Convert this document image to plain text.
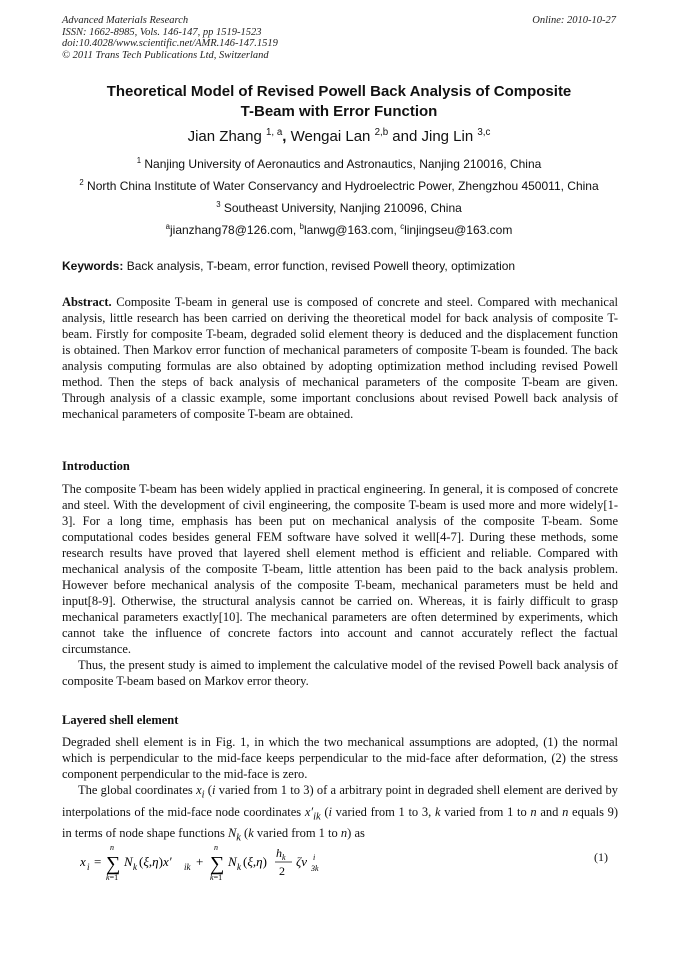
Advanced Materials Research
ISSN: 1662-8985, Vols. 146-147, pp 1519-1523
doi:10.4028/www.scientific.net/AMR.146-147.1519
© 2011 Trans Tech Publications Ltd, Switzerland
Online: 2010-10-27
Theoretical Model of Revised Powell Back Analysis of Composite
T-Beam with Error Function
Jian Zhang $^{1, a}$, Wengai Lan $^{2,b}$ and Jing Lin $^{3,c}$
$^1$ Nanjing University of Aeronautics and Astronautics, Nanjing 210016, China
$^2$ North China Institute of Water Conservancy and Hydroelectric Power, Zhengzhou 450011, China
$^3$ Southeast University, Nanjing 210096, China
$^a$jianzhang78@126.com, $^b$lanwg@163.com, $^c$linjingseu@163.com
Keywords: Back analysis, T-beam, error function, revised Powell theory, optimization

Abstract. Composite T-beam in general use is composed of concrete and steel. Compared with mechanical analysis, little research has been carried on deriving the theoretical model for back analysis of composite T-beam. Firstly for composite T-beam, degraded solid element theory is deduced and the displacement function is obtained. Then Markov error function of mechanical parameters of composite T-beam is founded. The back analysis computing formulas are also obtained by adopting optimization method including revised Powell method. Then the steps of back analysis of mechanical parameters of the composite T-beam are given. Through analysis of a classic example, some important conclusions about revised Powell back analysis of mechanical parameters of composite T-beam are obtained.

Introduction

The composite T-beam has been widely applied in practical engineering. In general, it is composed of concrete and steel. With the development of civil engineering, the composite T-beam is used more and more widely[1-3]. For a long time, emphasis has been put on mechanical analysis of the composite T-beam. Some computational codes besides general FEM software have solved it well[4-7]. During these methods, some research results have proved that layered shell element method is efficient and reliable. Compared with mechanical analysis of the composite T-beam, little attention has been paid to the back analysis problem. However before mechanical analysis of the composite T-beam, mechanical parameters must be held and input[8-9]. Otherwise, the structural analysis cannot be carried on. Whereas, it is fairly difficult to grasp mechanical parameters exactly[10]. The mechanical parameters are often determined by experiments, which cannot take the influence of concrete factors into account and cannot accurately reflect the factual circumstance.

Thus, the present study is aimed to implement the calculative model of the revised Powell back analysis of composite T-beam based on Markov error theory.

Layered shell element

Degraded shell element is in Fig. 1, in which the two mechanical assumptions are adopted, (1) the normal which is perpendicular to the mid-face keeps perpendicular to the mid-face after deformation, (2) the stress component perpendicular to the mid-face is zero.

The global coordinates $x_i$ (i varied from 1 to 3) of a arbitrary point in degraded shell element are derived by interpolations of the mid-face node coordinates $x'_{ik}$ (i varied from 1 to 3, k varied from 1 to n and n equals 9) in terms of node shape functions $N_k$ (k varied from 1 to n) as

x i =
n
∑
k=1
N k (ξ,η)x′ ik +
n
∑
k=1
N k (ξ,η)
$h_k$
2
ζv i
3k
(1)
